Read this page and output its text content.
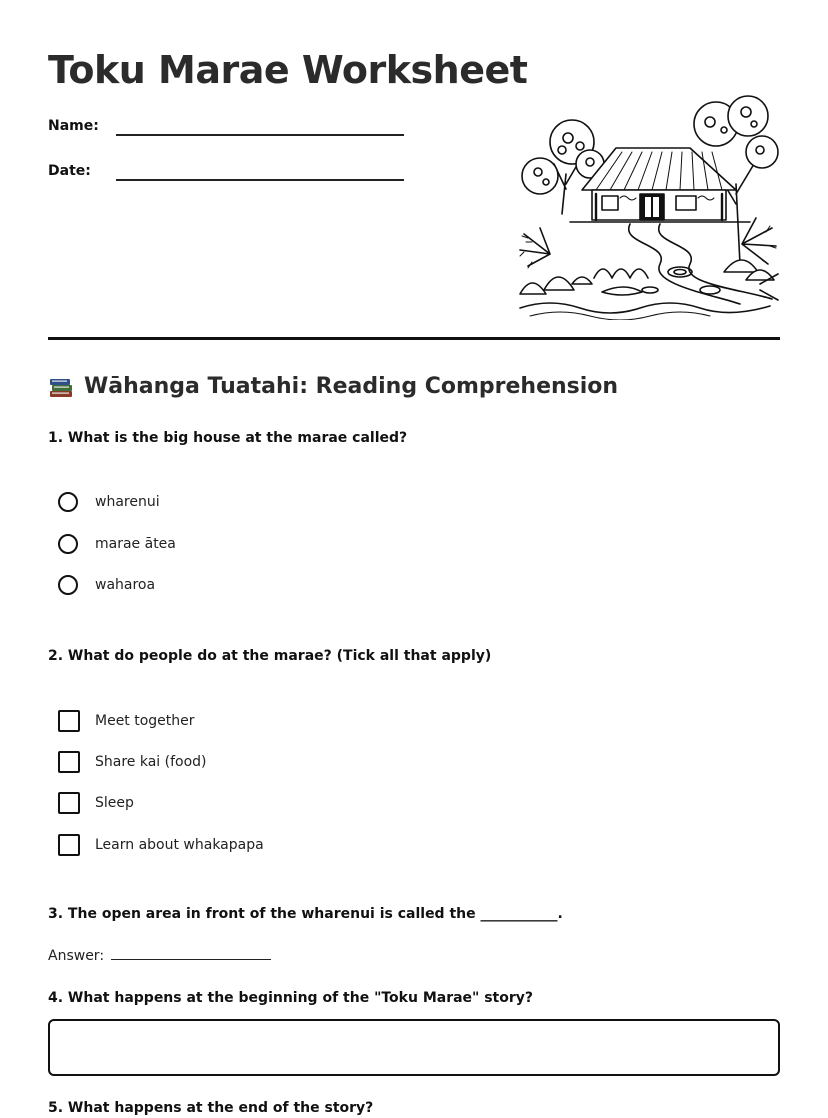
Toku Marae Worksheet
Name:
Date:
Wāhanga Tuatahi: Reading Comprehension

1. What is the big house at the marae called?

wharenui
marae ātea
waharoa

2. What do people do at the marae? (Tick all that apply)

Meet together
Share kai (food)
Sleep
Learn about whakapapa

3. The open area in front of the wharenui is called the ___________.

Answer:

4. What happens at the beginning of the "Toku Marae" story?

5. What happens at the end of the story?
